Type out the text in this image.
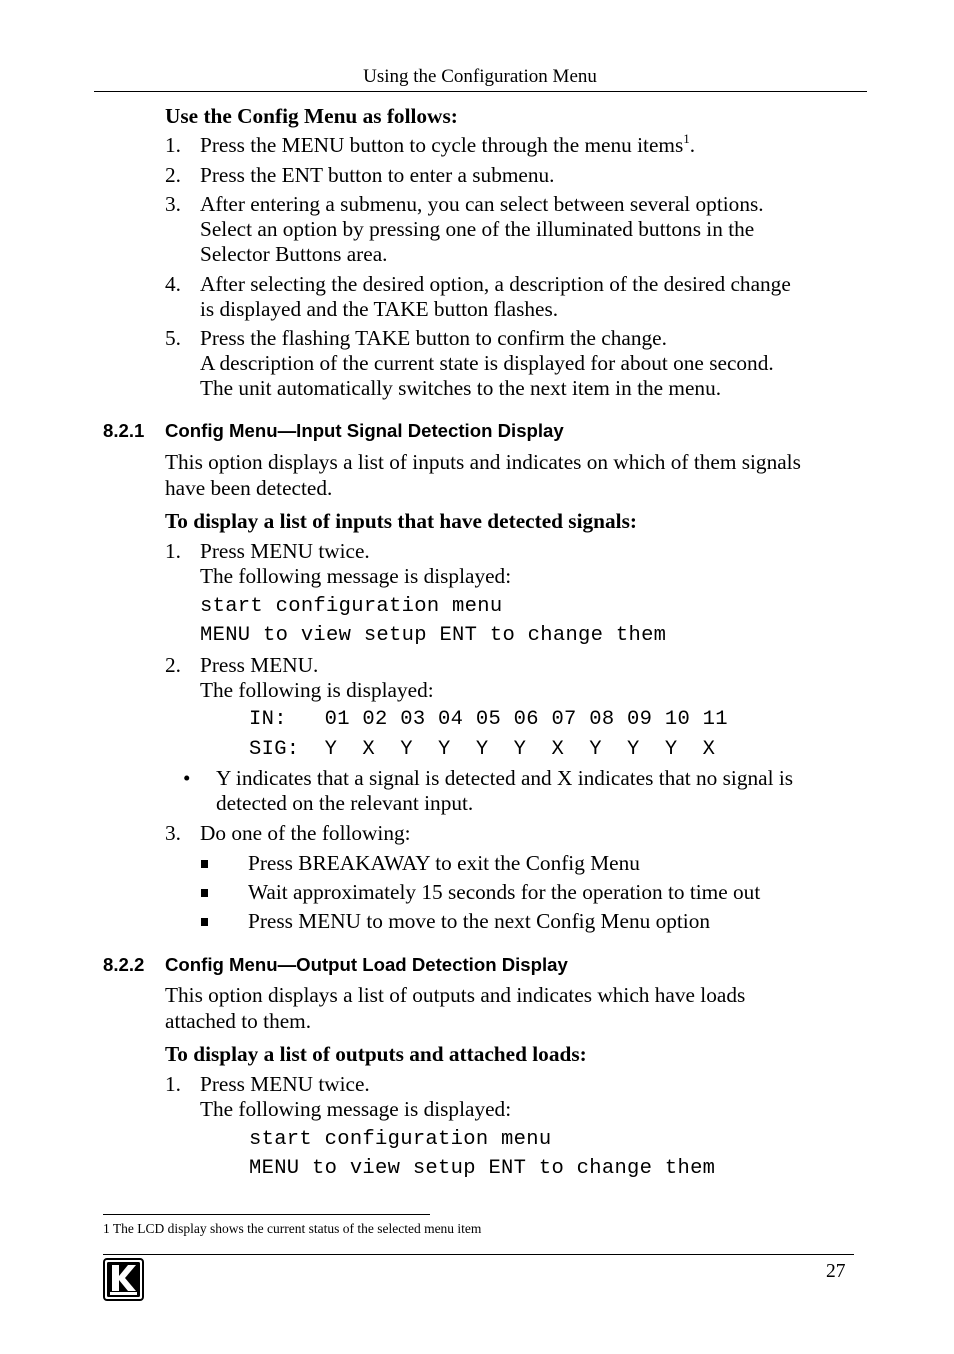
Using the Configuration Menu
Use the Config Menu as follows:
1. Press the MENU button to cycle through the menu items$^1$.
2. Press the ENT button to enter a submenu.
3. After entering a submenu, you can select between several options.
Select an option by pressing one of the illuminated buttons in the
Selector Buttons area.
4. After selecting the desired option, a description of the desired change
is displayed and the TAKE button flashes.
5. Press the flashing TAKE button to confirm the change.
A description of the current state is displayed for about one second.
The unit automatically switches to the next item in the menu.
8.2.1 Config Menu—Input Signal Detection Display
This option displays a list of inputs and indicates on which of them signals
have been detected.
To display a list of inputs that have detected signals:
1. Press MENU twice.
The following message is displayed:
start configuration menu
MENU to view setup ENT to change them
2. Press MENU.
The following is displayed:
IN:   01 02 03 04 05 06 07 08 09 10 11
SIG:  Y  X  Y  Y  Y  Y  X  Y  Y  Y  X
• Y indicates that a signal is detected and X indicates that no signal is
detected on the relevant input.
3. Do one of the following:
Press BREAKAWAY to exit the Config Menu
Wait approximately 15 seconds for the operation to time out
Press MENU to move to the next Config Menu option
8.2.2 Config Menu—Output Load Detection Display
This option displays a list of outputs and indicates which have loads
attached to them.
To display a list of outputs and attached loads:
1. Press MENU twice.
The following message is displayed:
start configuration menu
MENU to view setup ENT to change them
1 The LCD display shows the current status of the selected menu item
27
